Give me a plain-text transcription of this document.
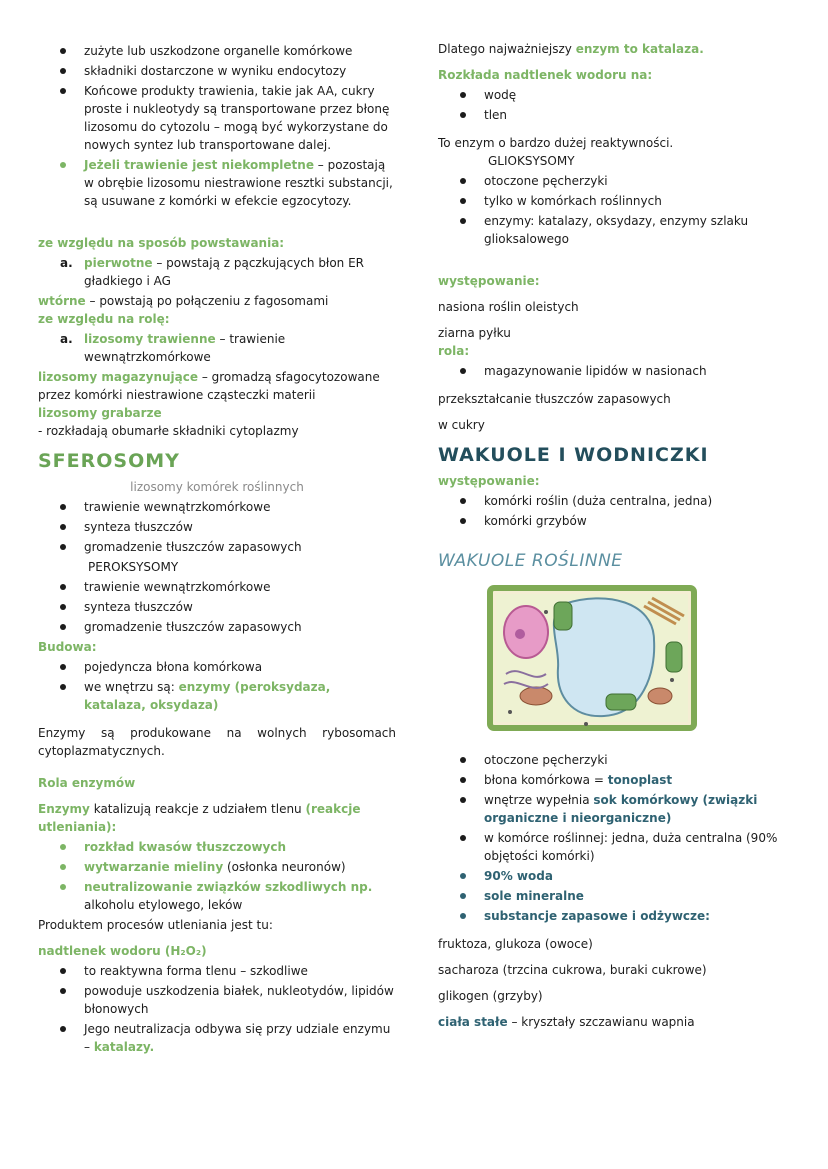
zużyte lub uszkodzone organelle komórkowe
składniki dostarczone w wyniku endocytozy
Końcowe produkty trawienia, takie jak AA, cukry proste i nukleotydy są transportowane przez błonę lizosomu do cytozolu – mogą być wykorzystane do nowych syntez lub transportowane dalej.
Jeżeli trawienie jest niekompletne – pozostają w obrębie lizosomu niestrawione resztki substancji, są usuwane z komórki w efekcie egzocytozy.

ze względu na sposób powstawania:

a. pierwotne – powstają z pączkujących błon ER gładkiego i AG

wtórne – powstają po połączeniu z fagosomami

ze względu na rolę:

a. lizosomy trawienne – trawienie wewnątrzkomórkowe

lizosomy magazynujące – gromadzą sfagocytozowane przez komórki niestrawione cząsteczki materii

lizosomy grabarze

- rozkładają obumarłe składniki cytoplazmy

SFEROSOMY

lizosomy komórek roślinnych

trawienie wewnątrzkomórkowe
synteza tłuszczów
gromadzenie tłuszczów zapasowych

PEROKSYSOMY

trawienie wewnątrzkomórkowe
synteza tłuszczów
gromadzenie tłuszczów zapasowych

Budowa:

pojedyncza błona komórkowa
we wnętrzu są: enzymy (peroksydaza, katalaza, oksydaza)

Enzymy są produkowane na wolnych rybosomach cytoplazmatycznych.

Rola enzymów

Enzymy katalizują reakcje z udziałem tlenu (reakcje utleniania):

rozkład kwasów tłuszczowych
wytwarzanie mieliny (osłonka neuronów)
neutralizowanie związków szkodliwych np. alkoholu etylowego, leków

Produktem procesów utleniania jest tu:

nadtlenek wodoru (H₂O₂)

to reaktywna forma tlenu – szkodliwe
powoduje uszkodzenia białek, nukleotydów, lipidów błonowych
Jego neutralizacja odbywa się przy udziale enzymu – katalazy.

Dlatego najważniejszy enzym to katalaza.

Rozkłada nadtlenek wodoru na:

wodę
tlen

To enzym o bardzo dużej reaktywności.

GLIOKSYSOMY

otoczone pęcherzyki
tylko w komórkach roślinnych
enzymy: katalazy, oksydazy, enzymy szlaku glioksalowego

występowanie:

nasiona roślin oleistych

ziarna pyłku

rola:

magazynowanie lipidów w nasionach

przekształcanie tłuszczów zapasowych

w cukry

WAKUOLE I WODNICZKI

występowanie:

komórki roślin (duża centralna, jedna)
komórki grzybów
WAKUOLE ROŚLINNE
otoczone pęcherzyki
błona komórkowa = tonoplast
wnętrze wypełnia sok komórkowy (związki organiczne i nieorganiczne)
w komórce roślinnej: jedna, duża centralna (90% objętości komórki)
90% woda
sole mineralne
substancje zapasowe i odżywcze:

fruktoza, glukoza (owoce)

sacharoza (trzcina cukrowa, buraki cukrowe)

glikogen (grzyby)

ciała stałe – kryształy szczawianu wapnia
